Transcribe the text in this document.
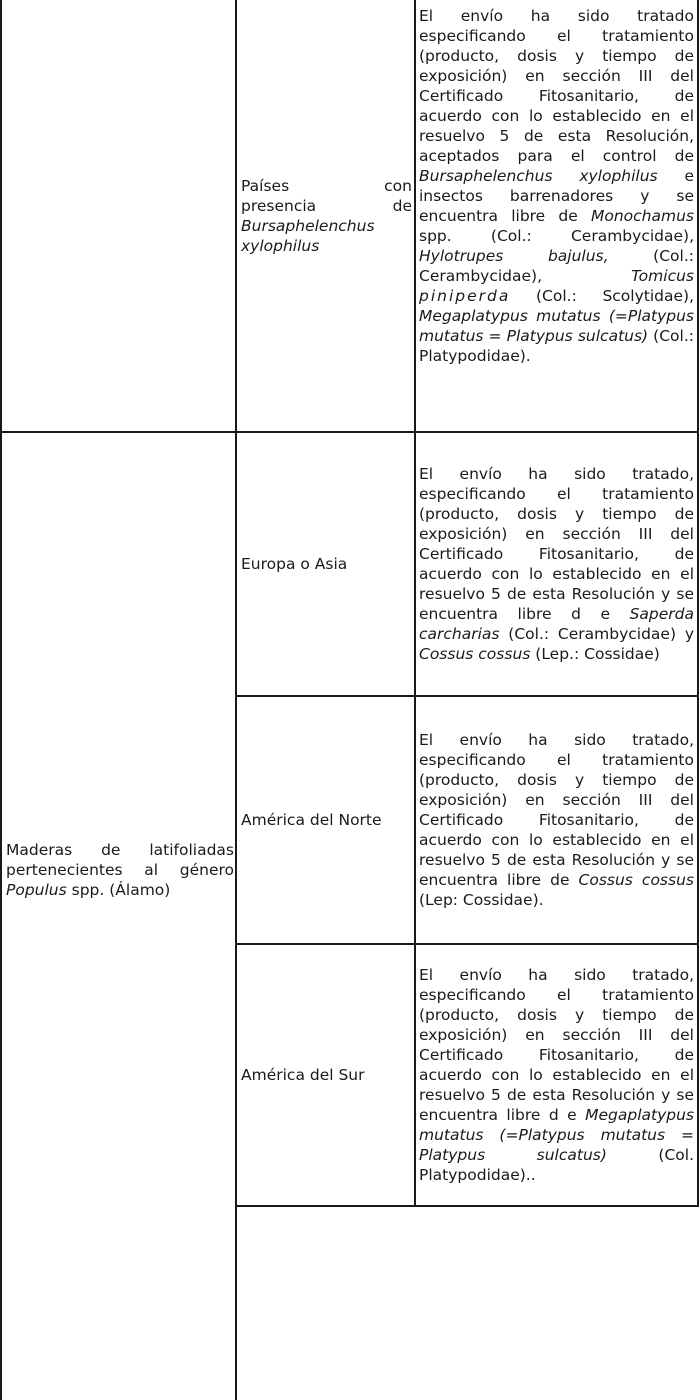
Países	con
presencia	de
Bursaphelenchus
xylophilus
El envío ha sido tratado especificando el tratamiento (producto, dosis y tiempo de exposición) en sección III del Certificado Fitosanitario, de acuerdo con lo establecido en el resuelvo 5 de esta Resolución, aceptados para el control de Bursaphelenchus xylophilus e insectos barrenadores y se encuentra libre de Monochamus spp. (Col.: Cerambycidae), Hylotrupes bajulus, (Col.: Cerambycidae), Tomicus piniperda (Col.: Scolytidae), Megaplatypus mutatus (=Platypus mutatus = Platypus sulcatus) (Col.: Platypodidae).
Maderas de latifoliadas pertenecientes al género Populus spp. (Álamo)
Europa o Asia
El envío ha sido tratado, especificando el tratamiento (producto, dosis y tiempo de exposición) en sección III del Certificado Fitosanitario, de acuerdo con lo establecido en el resuelvo 5 de esta Resolución y se encuentra libre d e Saperda carcharias (Col.: Cerambycidae) y Cossus cossus (Lep.: Cossidae)
América del Norte
El envío ha sido tratado, especificando el tratamiento (producto, dosis y tiempo de exposición) en sección III del Certificado Fitosanitario, de acuerdo con lo establecido en el resuelvo 5 de esta Resolución y se encuentra libre de Cossus cossus (Lep: Cossidae).
América del Sur
El envío ha sido tratado, especificando el tratamiento (producto, dosis y tiempo de exposición) en sección III del Certificado Fitosanitario, de acuerdo con lo establecido en el resuelvo 5 de esta Resolución y se encuentra libre d e Megaplatypus mutatus (=Platypus mutatus = Platypus sulcatus) (Col. Platypodidae)..
